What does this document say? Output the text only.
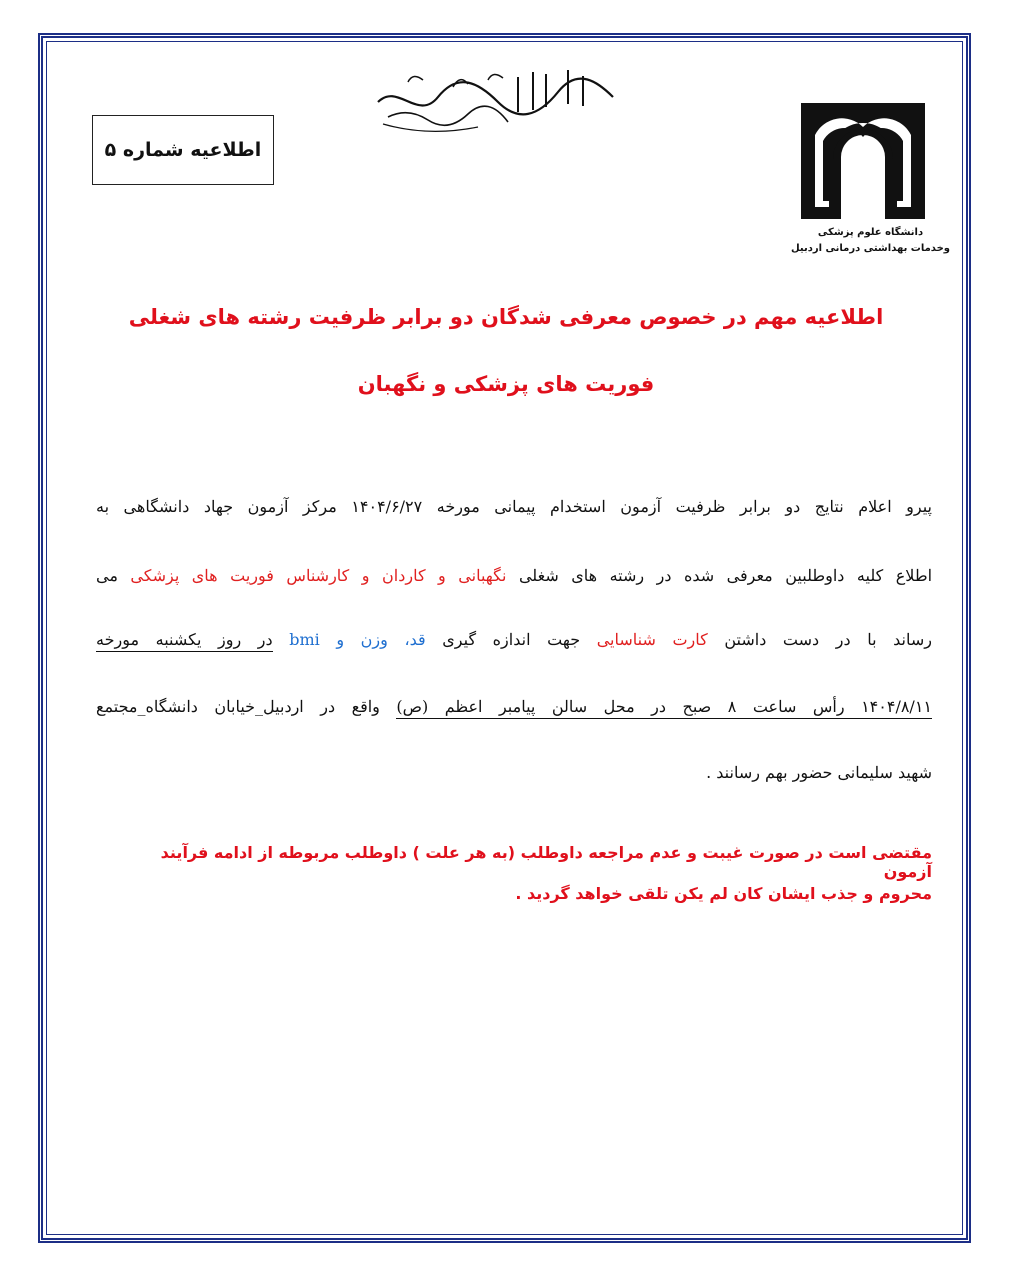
اطلاعیه شماره ۵
دانشگاه علوم پزشکی
وخدمات بهداشتی درمانی اردبیل
اطلاعیه مهم در خصوص معرفی شدگان دو برابر ظرفیت رشته های شغلی
فوریت های پزشکی و نگهبان
پیرو اعلام نتایج دو برابر ظرفیت آزمون استخدام پیمانی مورخه ۱۴۰۴/۶/۲۷ مرکز آزمون جهاد دانشگاهی به
اطلاع کلیه داوطلبین معرفی شده در رشته های شغلی نگهبانی و کاردان و کارشناس فوریت های پزشکی می
رساند با در دست داشتن کارت شناسایی جهت اندازه گیری قد، وزن و bmi در روز یکشنبه مورخه
۱۴۰۴/۸/۱۱ رأس ساعت ۸ صبح در محل سالن پیامبر اعظم (ص) واقع در اردبیل_خیابان دانشگاه_مجتمع
شهید سلیمانی حضور بهم رسانند .
مقتضی است در صورت غیبت و عدم مراجعه داوطلب (به هر علت ) داوطلب مربوطه از ادامه فرآیند آزمون
محروم و جذب ایشان کان لم یکن تلقی خواهد گردید .
